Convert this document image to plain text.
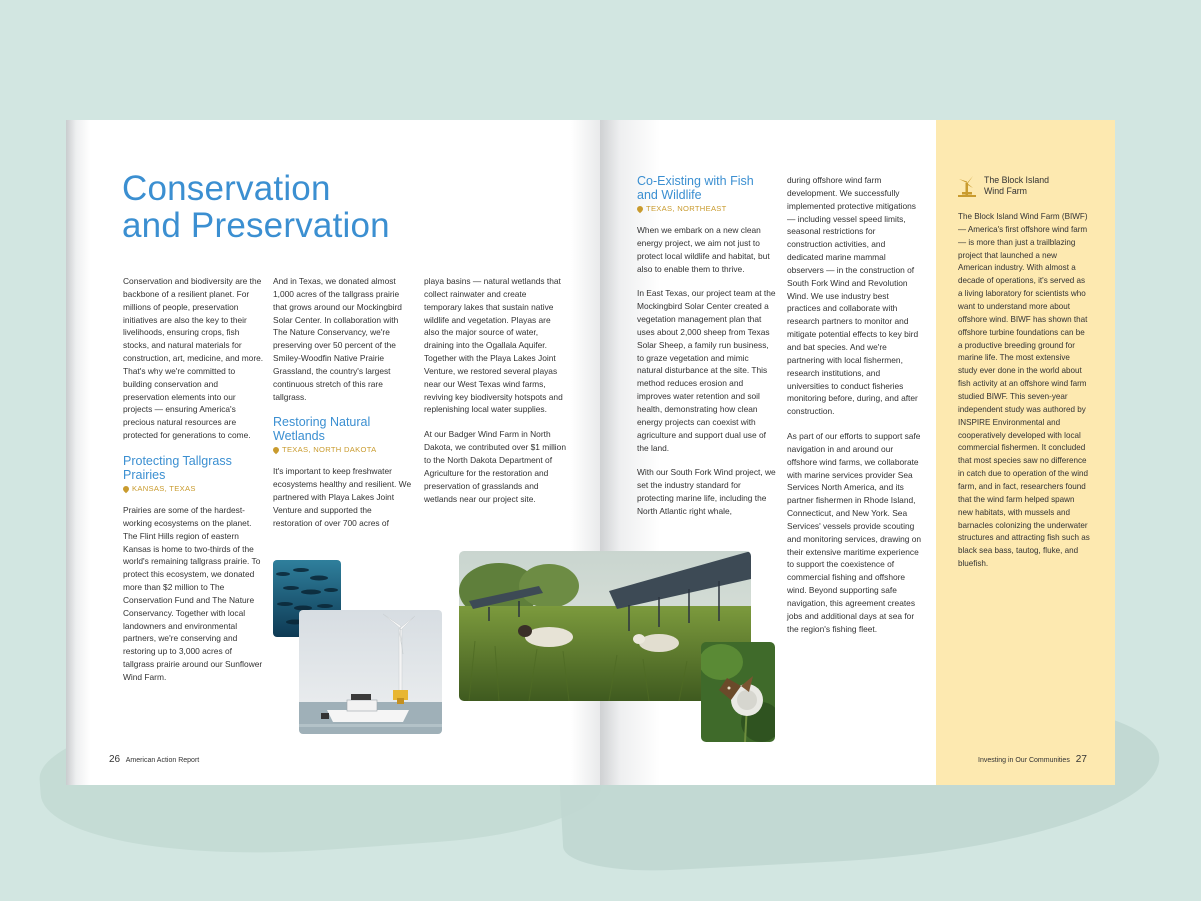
Conservation
and Preservation

Conservation and biodiversity are the backbone of a resilient planet. For millions of people, preservation initiatives are also the key to their livelihoods, ensuring crops, fish stocks, and natural materials for construction, art, medicine, and more. That's why we're committed to building conservation and preservation elements into our projects — ensuring America's precious natural resources are protected for generations to come.

Protecting Tallgrass Prairies
KANSAS, TEXAS

Prairies are some of the hardest-working ecosystems on the planet. The Flint Hills region of eastern Kansas is home to two-thirds of the world's remaining tallgrass prairie. To protect this ecosystem, we donated more than $2 million to The Conservation Fund and The Nature Conservancy. Together with local landowners and environmental partners, we're conserving and restoring up to 3,000 acres of tallgrass prairie around our Sunflower Wind Farm.

And in Texas, we donated almost 1,000 acres of the tallgrass prairie that grows around our Mockingbird Solar Center. In collaboration with The Nature Conservancy, we're preserving over 50 percent of the Smiley-Woodfin Native Prairie Grassland, the country's largest continuous stretch of this rare tallgrass.

Restoring Natural Wetlands
TEXAS, NORTH DAKOTA

It's important to keep freshwater ecosystems healthy and resilient. We partnered with Playa Lakes Joint Venture and supported the restoration of over 700 acres of

playa basins — natural wetlands that collect rainwater and create temporary lakes that sustain native wildlife and vegetation. Playas are also the major source of water, draining into the Ogallala Aquifer. Together with the Playa Lakes Joint Venture, we restored several playas near our West Texas wind farms, reviving key biodiversity hotspots and replenishing local water supplies.

At our Badger Wind Farm in North Dakota, we contributed over $1 million to the North Dakota Department of Agriculture for the restoration and preservation of grasslands and wetlands near our project site.

26 American Action Report
Co-Existing with Fish and Wildlife
TEXAS, NORTHEAST

When we embark on a new clean energy project, we aim not just to protect local wildlife and habitat, but also to enable them to thrive.

In East Texas, our project team at the Mockingbird Solar Center created a vegetation management plan that uses about 2,000 sheep from Texas Solar Sheep, a family run business, to graze vegetation and mimic natural disturbance at the site. This method reduces erosion and improves water retention and soil health, demonstrating how clean energy projects can coexist with agriculture and support dual use of the land.

With our South Fork Wind project, we set the industry standard for protecting marine life, including the North Atlantic right whale,

during offshore wind farm development. We successfully implemented protective mitigations — including vessel speed limits, seasonal restrictions for construction activities, and dedicated marine mammal observers — in the construction of South Fork Wind and Revolution Wind. We use industry best practices and collaborate with research partners to monitor and mitigate potential effects to key bird and bat species. And we're partnering with local fishermen, research institutions, and universities to conduct fisheries monitoring before, during, and after construction.

As part of our efforts to support safe navigation in and around our offshore wind farms, we collaborate with marine services provider Sea Services North America, and its partner fishermen in Rhode Island, Connecticut, and New York. Sea Services' vessels provide scouting and monitoring services, drawing on their extensive maritime experience to support the coexistence of commercial fishing and offshore wind. Beyond supporting safe navigation, this agreement creates jobs and additional days at sea for the region's fishing fleet.

The Block Island Wind Farm
The Block Island Wind Farm (BIWF) — America's first offshore wind farm — is more than just a trailblazing project that launched a new American industry. With almost a decade of operations, it's served as a living laboratory for scientists who want to understand more about offshore wind. BIWF has shown that offshore turbine foundations can be a productive breeding ground for marine life. The most extensive study ever done in the world about fish activity at an offshore wind farm studied BIWF. This seven-year independent study was authored by INSPIRE Environmental and cooperatively developed with local commercial fishermen. It concluded that most species saw no difference in catch due to operation of the wind farm, and in fact, researchers found that the wind farm helped spawn new habitats, with mussels and barnacles colonizing the underwater structures and attracting fish such as black sea bass, tautog, fluke, and bluefish.
Investing in Our Communities 27
